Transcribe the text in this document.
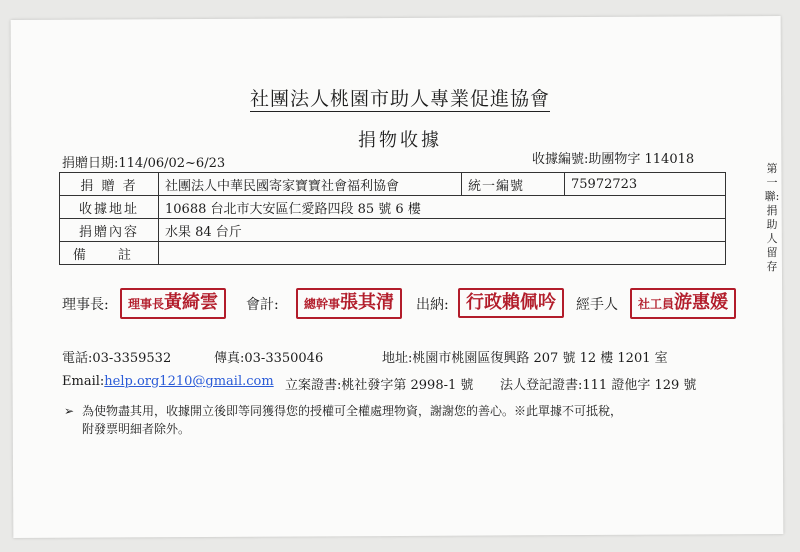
社團法人桃園市助人專業促進協會
捐物收據
捐贈日期:114/06/02~6/23	收據編號:助團物字 114018
第一聯:捐助人留存
捐 贈 者	社團法人中華民國寄家寶寶社會福利協會	統一編號	75972723
收據地址	10688 台北市大安區仁愛路四段 85 號 6 樓		
捐贈內容	水果 84 台斤		
備 註			
理事長:	理事長黃綺雲	會計:	總幹事張其清	出納: 行政賴佩吟	經手人	社工員游惠媛
電話:03-3359532	傳真:03-3350046	地址:桃園市桃園區復興路 207 號 12 樓 1201 室
Email:help.org1210@gmail.com 立案證書:桃社發字第 2998-1 號 法人登記證書:111 證他字 129 號
➢ 為使物盡其用，收據開立後即等同獲得您的授權可全權處理物資，謝謝您的善心。※此單據不可抵稅，
附發票明細者除外。
